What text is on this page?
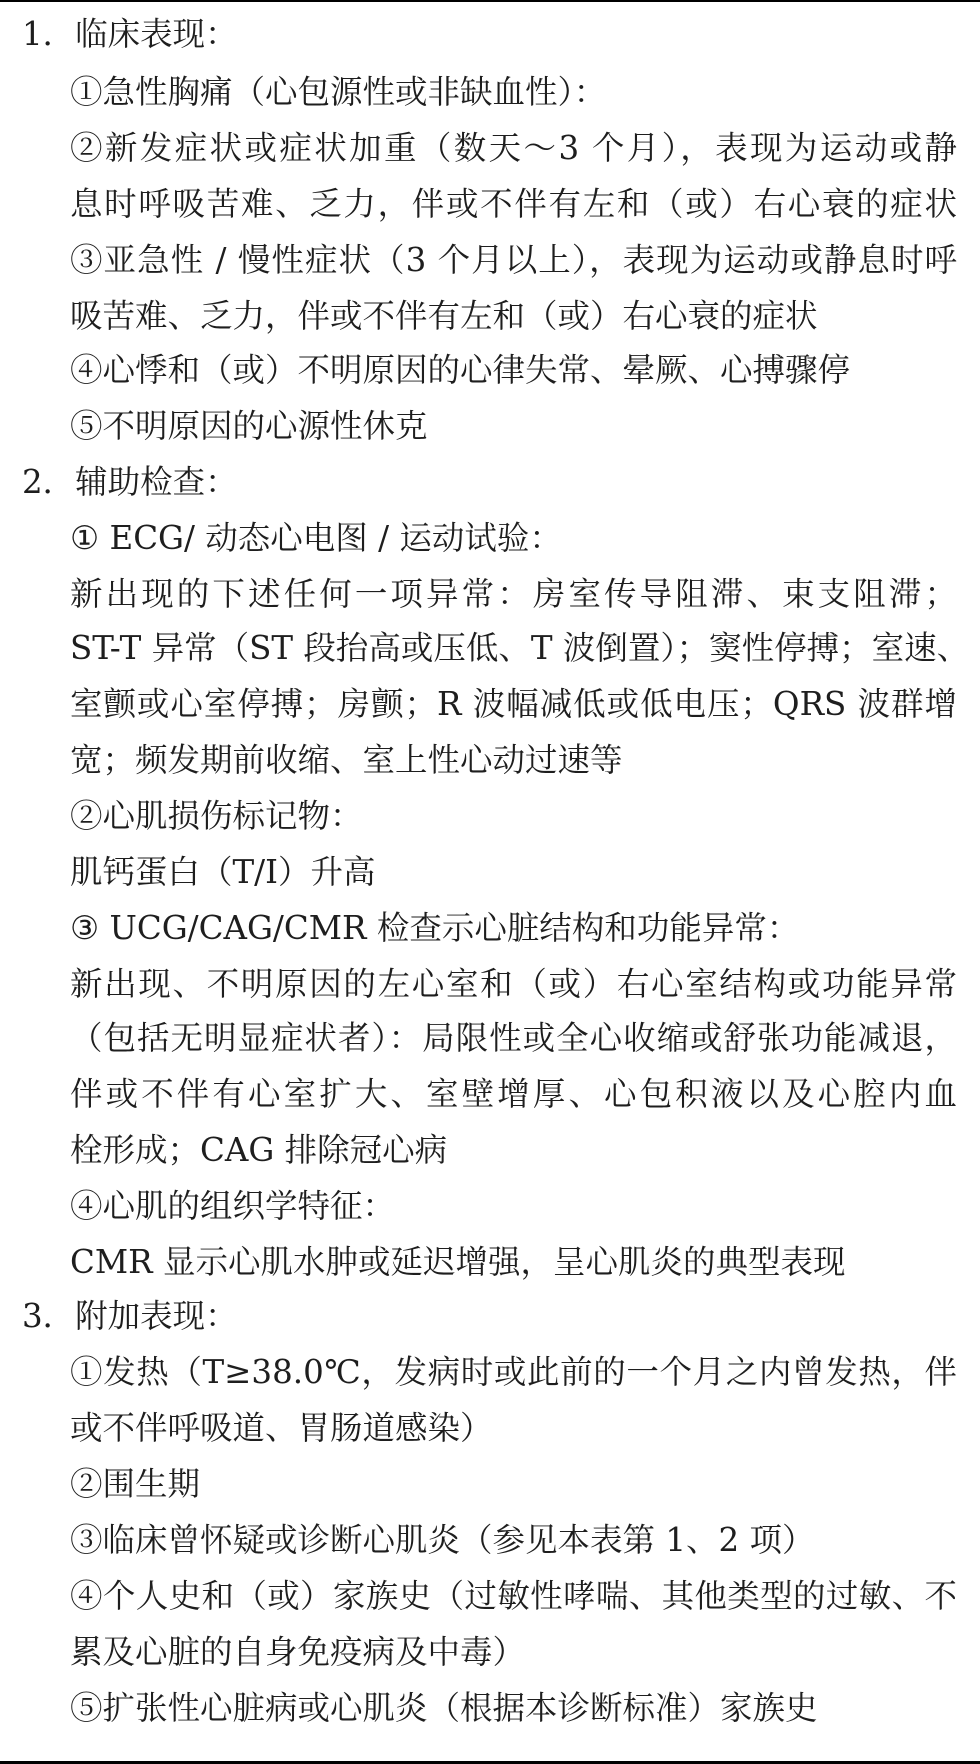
1．临床表现：
①急性胸痛（心包源性或非缺血性）：
②新发症状或症状加重（数天～3 个月），表现为运动或静
息时呼吸苦难、乏力，伴或不伴有左和（或）右心衰的症状
③亚急性 / 慢性症状（3 个月以上），表现为运动或静息时呼
吸苦难、乏力，伴或不伴有左和（或）右心衰的症状
④心悸和（或）不明原因的心律失常、晕厥、心搏骤停
⑤不明原因的心源性休克
2．辅助检查：
① ECG/ 动态心电图 / 运动试验：
新出现的下述任何一项异常：房室传导阻滞、束支阻滞；
ST-T 异常（ST 段抬高或压低、T 波倒置）；窦性停搏；室速、
室颤或心室停搏；房颤；R 波幅减低或低电压；QRS 波群增
宽；频发期前收缩、室上性心动过速等
②心肌损伤标记物：
肌钙蛋白（T/I）升高
③ UCG/CAG/CMR 检查示心脏结构和功能异常：
新出现、不明原因的左心室和（或）右心室结构或功能异常
（包括无明显症状者）：局限性或全心收缩或舒张功能减退，
伴或不伴有心室扩大、室壁增厚、心包积液以及心腔内血
栓形成；CAG 排除冠心病
④心肌的组织学特征：
CMR 显示心肌水肿或延迟增强，呈心肌炎的典型表现
3．附加表现：
①发热（T≥38.0℃，发病时或此前的一个月之内曾发热，伴
或不伴呼吸道、胃肠道感染）
②围生期
③临床曾怀疑或诊断心肌炎（参见本表第 1、2 项）
④个人史和（或）家族史（过敏性哮喘、其他类型的过敏、不
累及心脏的自身免疫病及中毒）
⑤扩张性心脏病或心肌炎（根据本诊断标准）家族史
